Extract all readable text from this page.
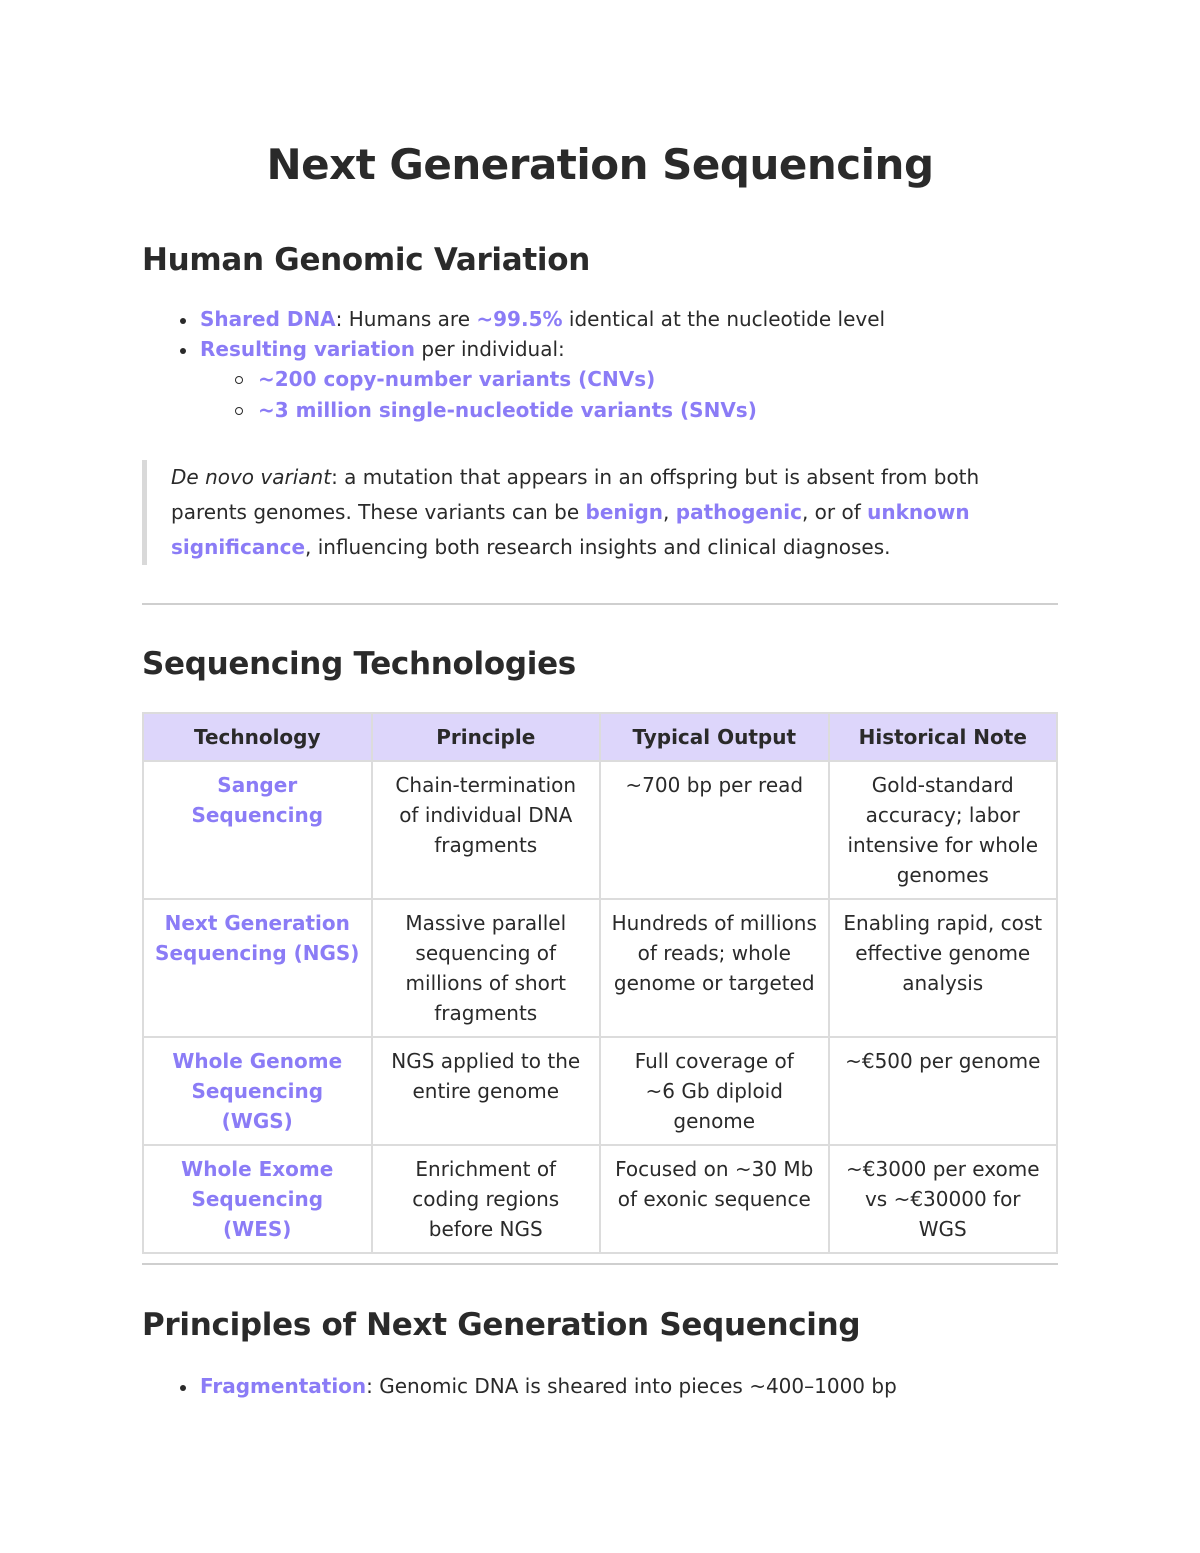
Next Generation Sequencing
Human Genomic Variation
Shared DNA: Humans are ~99.5% identical at the nucleotide level
Resulting variation per individual:
~200 copy-number variants (CNVs)
~3 million single-nucleotide variants (SNVs)
De novo variant: a mutation that appears in an offspring but is absent from both parents genomes. These variants can be benign, pathogenic, or of unknown significance, influencing both research insights and clinical diagnoses.
Sequencing Technologies
Technology	Principle	Typical Output	Historical Note
Sanger Sequencing	Chain-termination of individual DNA fragments	~700 bp per read	Gold-standard accuracy; labor intensive for whole genomes
Next Generation Sequencing (NGS)	Massive parallel sequencing of millions of short fragments	Hundreds of millions of reads; whole genome or targeted	Enabling rapid, cost effective genome analysis
Whole Genome Sequencing (WGS)	NGS applied to the entire genome	Full coverage of ~6 Gb diploid genome	~€500 per genome
Whole Exome Sequencing (WES)	Enrichment of coding regions before NGS	Focused on ~30 Mb of exonic sequence	~€3000 per exome vs ~€30000 for WGS
Principles of Next Generation Sequencing
Fragmentation: Genomic DNA is sheared into pieces ~400–1000 bp
